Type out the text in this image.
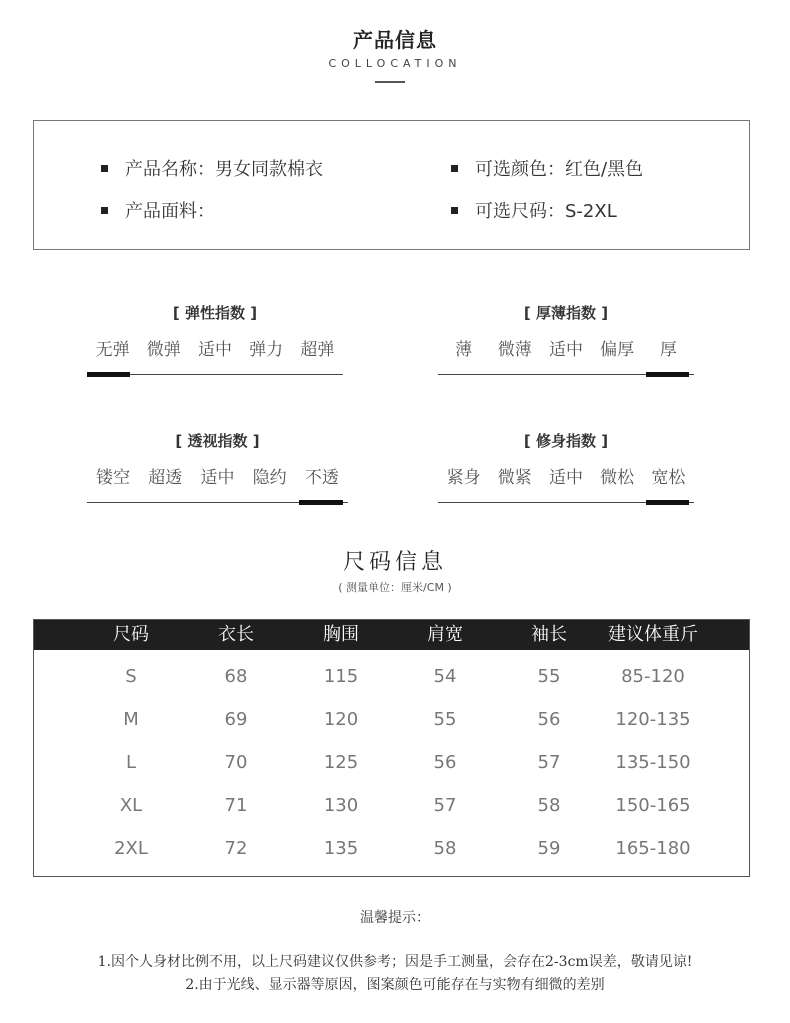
产品信息
COLLOCATION
产品名称：男女同款棉衣
产品面料：
可选颜色：红色/黑色
可选尺码：S-2XL
[ 弹性指数 ]
无弹	微弹	适中	弹力	超弹
[ 厚薄指数 ]
薄	微薄	适中	偏厚	厚
[ 透视指数 ]
镂空	超透	适中	隐约	不透
[ 修身指数 ]
紧身	微紧	适中	微松	宽松
尺码信息
( 测量单位：厘米/CM )
尺码	衣长	胸围	肩宽	袖长	建议体重斤
S	68	115	54	55	85-120
M	69	120	55	56	120-135
L	70	125	56	57	135-150
XL	71	130	57	58	150-165
2XL	72	135	58	59	165-180
温馨提示：
1.因个人身材比例不用，以上尺码建议仅供参考；因是手工测量，会存在2-3cm误差，敬请见谅!
2.由于光线、显示器等原因，图案颜色可能存在与实物有细微的差别
